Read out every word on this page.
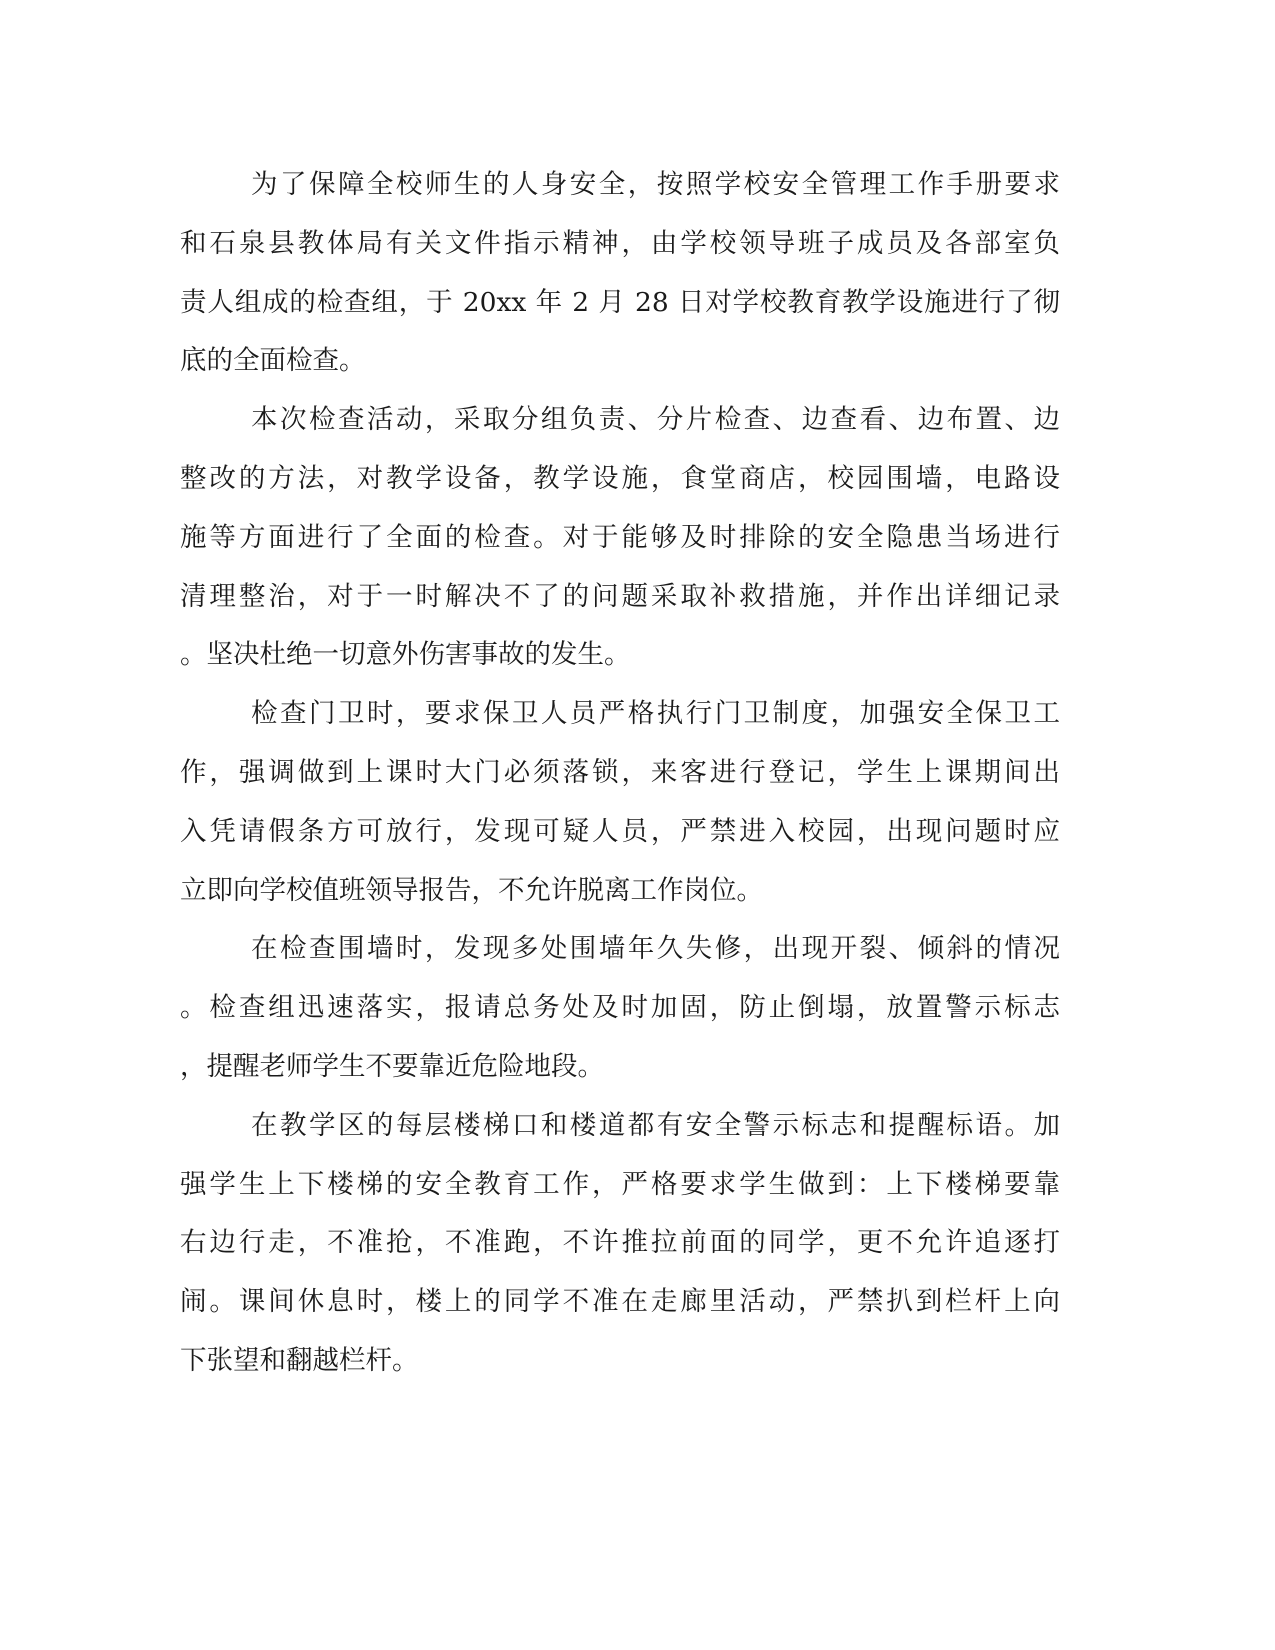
为了保障全校师生的人身安全，按照学校安全管理工作手册要求
和石泉县教体局有关文件指示精神，由学校领导班子成员及各部室负
责人组成的检查组，于 20xx 年 2 月 28 日对学校教育教学设施进行了彻
底的全面检查。
本次检查活动，采取分组负责、分片检查、边查看、边布置、边
整改的方法，对教学设备，教学设施，食堂商店，校园围墙，电路设
施等方面进行了全面的检查。对于能够及时排除的安全隐患当场进行
清理整治，对于一时解决不了的问题采取补救措施，并作出详细记录
。坚决杜绝一切意外伤害事故的发生。
检查门卫时，要求保卫人员严格执行门卫制度，加强安全保卫工
作，强调做到上课时大门必须落锁，来客进行登记，学生上课期间出
入凭请假条方可放行，发现可疑人员，严禁进入校园，出现问题时应
立即向学校值班领导报告，不允许脱离工作岗位。
在检查围墙时，发现多处围墙年久失修，出现开裂、倾斜的情况
。检查组迅速落实，报请总务处及时加固，防止倒塌，放置警示标志
，提醒老师学生不要靠近危险地段。
在教学区的每层楼梯口和楼道都有安全警示标志和提醒标语。加
强学生上下楼梯的安全教育工作，严格要求学生做到：上下楼梯要靠
右边行走，不准抢，不准跑，不许推拉前面的同学，更不允许追逐打
闹。课间休息时，楼上的同学不准在走廊里活动，严禁扒到栏杆上向
下张望和翻越栏杆。
